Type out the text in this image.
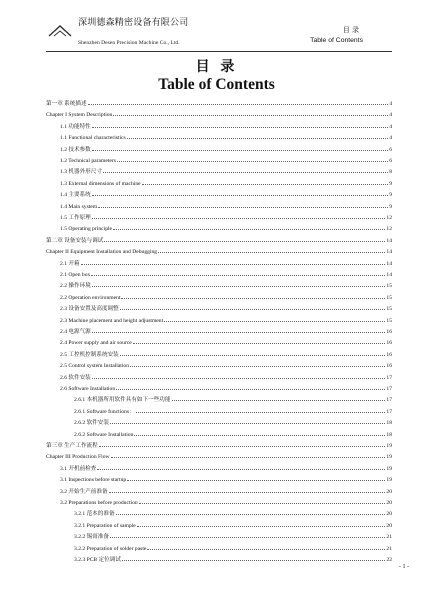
深圳德森精密设备有限公司
Shenzhen Desen Precision Machine Co., Ltd.
目 录
Table of Contents
目 录
Table of Contents
第一章 系统描述	4
Chapter I System Description	4
1.1 功能特性	4
1.1 Functional characteristics	4
1.2 技术参数	6
1.2 Technical parameters	6
1.3 机器外形尺寸	8
1.3 External dimensions of machine	9
1.4 主要系统	9
1.4 Main system	9
1.5 工作原理	12
1.5 Operating principle	12
第二章 设备安装与调试	14
Chapter II Equipment Installation and Debugging	14
2.1 开箱	14
2.1 Open box	14
2.2 操作环境	15
2.2 Operation environment	15
2.3 设备安置及高度调整	15
2.3 Machine placement and height adjustment	15
2.4 电源气源	16
2.4 Power supply and air source	16
2.5 工控机控制系统安装	16
2.5 Control system Installation	16
2.6 软件安装	17
2.6 Software Installation	17
2.6.1 本机器所用软件具有如下一些功能	17
2.6.1 Software functions：	17
2.6.2 软件安装	18
2.6.2 Software Installation	18
第三章 生产工作流程	19
Chapter III Production Flow	19
3.1 开机前检查	19
3.1 Inspections before startup	19
3.2 开始生产前准备	20
3.2 Preparations before production	20
3.2.1 范本的准备	20
3.2.1 Preparation of sample	20
3.2.2 锡膏准备	21
3.2.2 Preparation of solder paste	21
3.2.3 PCB 定位调试	22
- 1 -
